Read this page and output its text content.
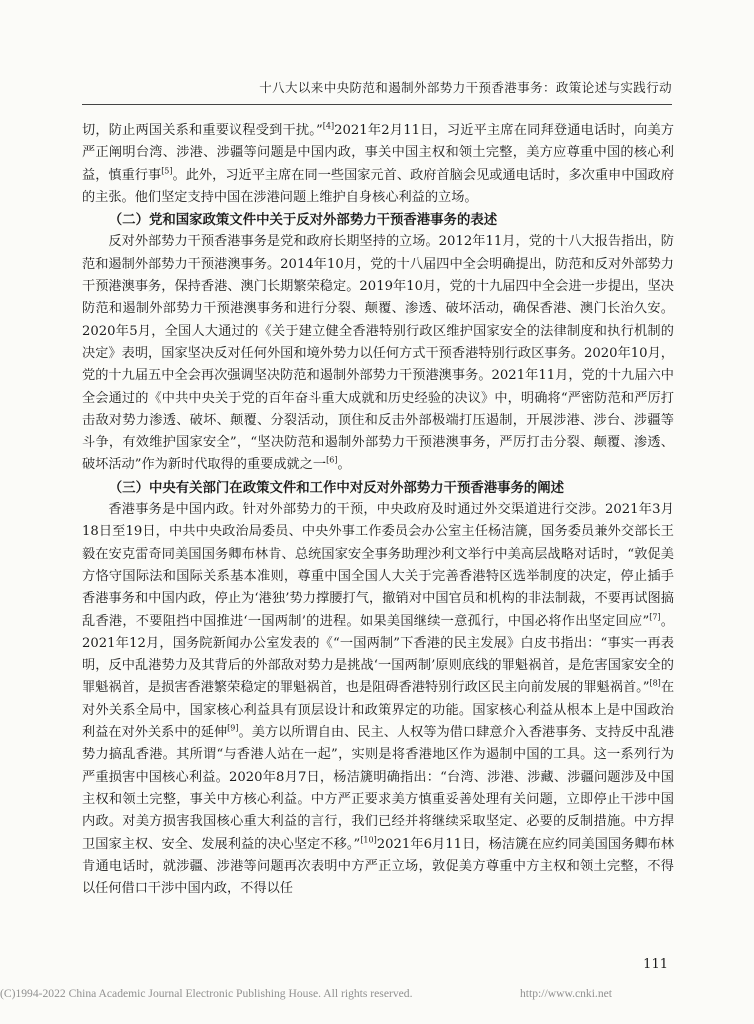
十八大以来中央防范和遏制外部势力干预香港事务：政策论述与实践行动

切，防止两国关系和重要议程受到干扰。”[4]2021年2月11日，习近平主席在同拜登通电话时，向美方严正阐明台湾、涉港、涉疆等问题是中国内政，事关中国主权和领土完整，美方应尊重中国的核心利益，慎重行事[5]。此外，习近平主席在同一些国家元首、政府首脑会见或通电话时，多次重申中国政府的主张。他们坚定支持中国在涉港问题上维护自身核心利益的立场。

（二）党和国家政策文件中关于反对外部势力干预香港事务的表述

反对外部势力干预香港事务是党和政府长期坚持的立场。2012年11月，党的十八大报告指出，防范和遏制外部势力干预港澳事务。2014年10月，党的十八届四中全会明确提出，防范和反对外部势力干预港澳事务，保持香港、澳门长期繁荣稳定。2019年10月，党的十九届四中全会进一步提出，坚决防范和遏制外部势力干预港澳事务和进行分裂、颠覆、渗透、破坏活动，确保香港、澳门长治久安。2020年5月，全国人大通过的《关于建立健全香港特别行政区维护国家安全的法律制度和执行机制的决定》表明，国家坚决反对任何外国和境外势力以任何方式干预香港特别行政区事务。2020年10月，党的十九届五中全会再次强调坚决防范和遏制外部势力干预港澳事务。2021年11月，党的十九届六中全会通过的《中共中央关于党的百年奋斗重大成就和历史经验的决议》中，明确将“严密防范和严厉打击敌对势力渗透、破坏、颠覆、分裂活动，顶住和反击外部极端打压遏制，开展涉港、涉台、涉疆等斗争，有效维护国家安全”，“坚决防范和遏制外部势力干预港澳事务，严厉打击分裂、颠覆、渗透、破坏活动”作为新时代取得的重要成就之一[6]。

（三）中央有关部门在政策文件和工作中对反对外部势力干预香港事务的阐述

香港事务是中国内政。针对外部势力的干预，中央政府及时通过外交渠道进行交涉。2021年3月18日至19日，中共中央政治局委员、中央外事工作委员会办公室主任杨洁篪，国务委员兼外交部长王毅在安克雷奇同美国国务卿布林肯、总统国家安全事务助理沙利文举行中美高层战略对话时，“敦促美方恪守国际法和国际关系基本准则，尊重中国全国人大关于完善香港特区选举制度的决定，停止插手香港事务和中国内政，停止为‘港独’势力撑腰打气，撤销对中国官员和机构的非法制裁，不要再试图搞乱香港，不要阻挡中国推进‘一国两制’的进程。如果美国继续一意孤行，中国必将作出坚定回应”[7]。2021年12月，国务院新闻办公室发表的《“一国两制”下香港的民主发展》白皮书指出：“事实一再表明，反中乱港势力及其背后的外部敌对势力是挑战‘一国两制’原则底线的罪魁祸首，是危害国家安全的罪魁祸首，是损害香港繁荣稳定的罪魁祸首，也是阻碍香港特别行政区民主向前发展的罪魁祸首。”[8]在对外关系全局中，国家核心利益具有顶层设计和政策界定的功能。国家核心利益从根本上是中国政治利益在对外关系中的延伸[9]。美方以所谓自由、民主、人权等为借口肆意介入香港事务、支持反中乱港势力搞乱香港。其所谓“与香港人站在一起”，实则是将香港地区作为遏制中国的工具。这一系列行为严重损害中国核心利益。2020年8月7日，杨洁篪明确指出：“台湾、涉港、涉藏、涉疆问题涉及中国主权和领土完整，事关中方核心利益。中方严正要求美方慎重妥善处理有关问题，立即停止干涉中国内政。对美方损害我国核心重大利益的言行，我们已经并将继续采取坚定、必要的反制措施。中方捍卫国家主权、安全、发展利益的决心坚定不移。”[10]2021年6月11日，杨洁篪在应约同美国国务卿布林肯通电话时，就涉疆、涉港等问题再次表明中方严正立场，敦促美方尊重中方主权和领土完整，不得以任何借口干涉中国内政，不得以任

111
(C)1994-2022 China Academic Journal Electronic Publishing House. All rights reserved.	http://www.cnki.net
